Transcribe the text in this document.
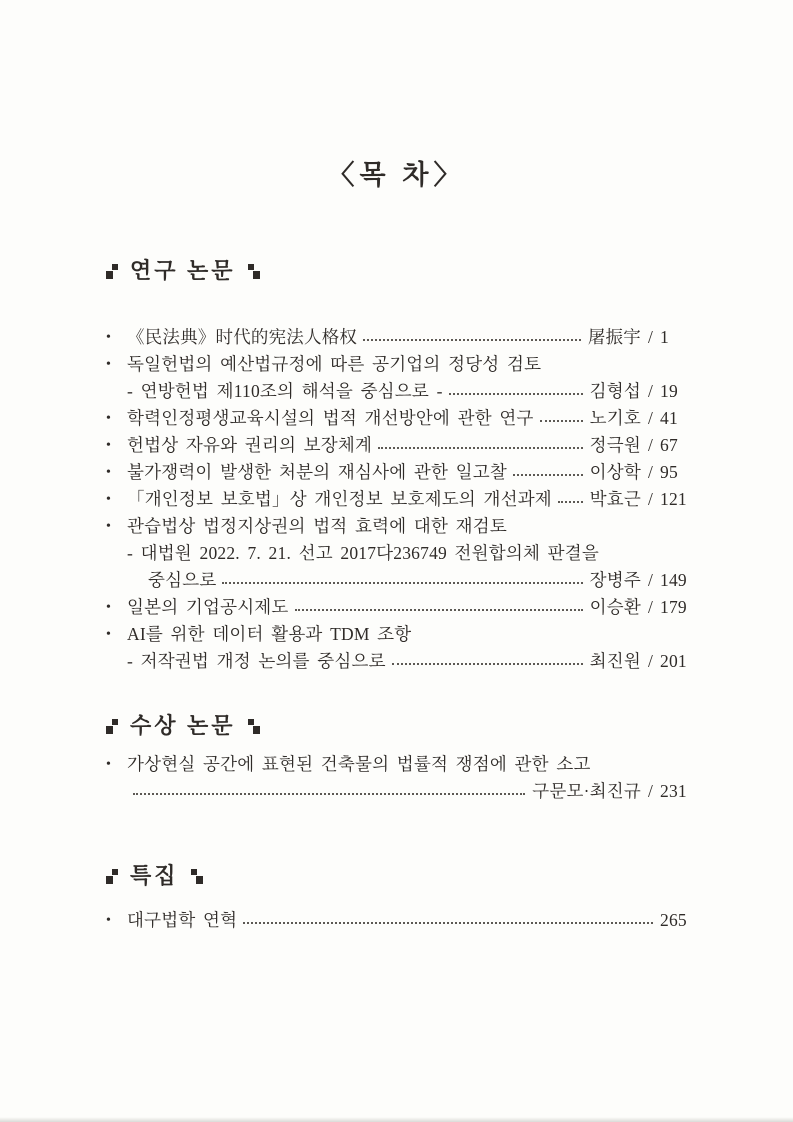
〈목 차〉
연구 논문
• 《民法典》时代的宪法人格权	屠振宇 / 1
• 독일헌법의 예산법규정에 따른 공기업의 정당성 검토
- 연방헌법 제110조의 해석을 중심으로 -	김형섭 / 19
• 학력인정평생교육시설의 법적 개선방안에 관한 연구	노기호 / 41
• 헌법상 자유와 권리의 보장체계	정극원 / 67
• 불가쟁력이 발생한 처분의 재심사에 관한 일고찰	이상학 / 95
• 「개인정보 보호법」상 개인정보 보호제도의 개선과제 박효근 / 121
• 관습법상 법정지상권의 법적 효력에 대한 재검토
- 대법원 2022. 7. 21. 선고 2017다236749 전원합의체 판결을
중심으로	장병주 / 149
• 일본의 기업공시제도	이승환 / 179
• AI를 위한 데이터 활용과 TDM 조항
- 저작권법 개정 논의를 중심으로	최진원 / 201
수상 논문
• 가상현실 공간에 표현된 건축물의 법률적 쟁점에 관한 소고
구문모·최진규 / 231
특집
• 대구법학 연혁	265
